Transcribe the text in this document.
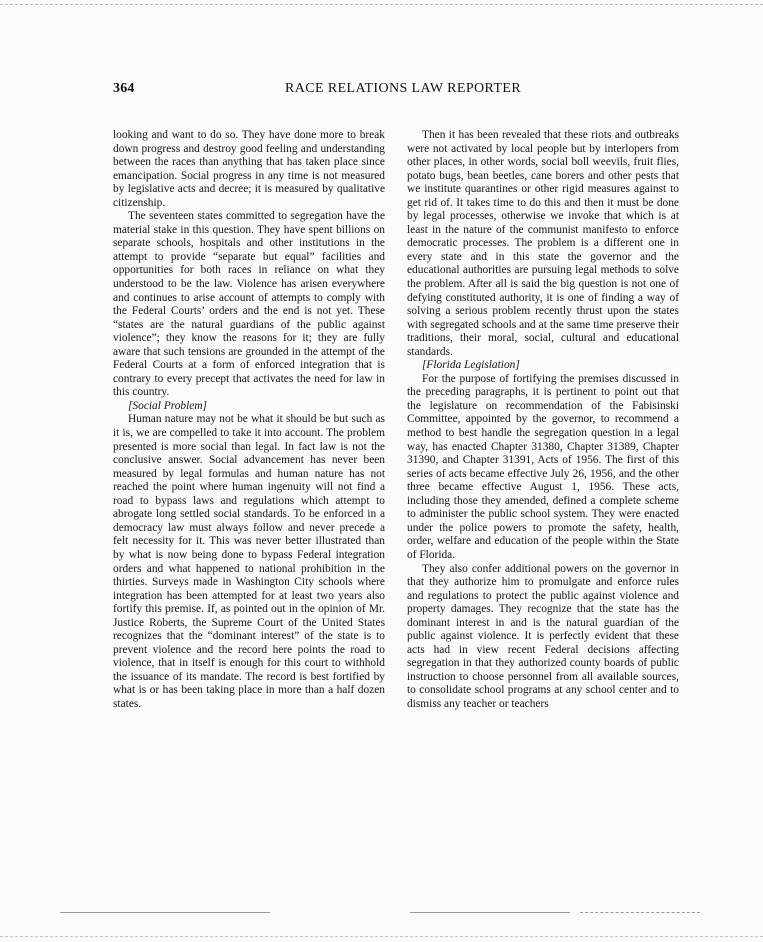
364	RACE RELATIONS LAW REPORTER

looking and want to do so. They have done more to break down progress and destroy good feeling and understanding between the races than anything that has taken place since emancipation. Social progress in any time is not measured by legislative acts and decree; it is measured by qualitative citizenship.

The seventeen states committed to segregation have the material stake in this question. They have spent billions on separate schools, hospitals and other institutions in the attempt to provide “separate but equal” facilities and opportunities for both races in reliance on what they understood to be the law. Violence has arisen everywhere and continues to arise account of attempts to comply with the Federal Courts’ orders and the end is not yet. These “states are the natural guardians of the public against violence”; they know the reasons for it; they are fully aware that such tensions are grounded in the attempt of the Federal Courts at a form of enforced integration that is contrary to every precept that activates the need for law in this country.

[Social Problem]

Human nature may not be what it should be but such as it is, we are compelled to take it into account. The problem presented is more social than legal. In fact law is not the conclusive answer. Social advancement has never been measured by legal formulas and human nature has not reached the point where human ingenuity will not find a road to bypass laws and regulations which attempt to abrogate long settled social standards. To be enforced in a democracy law must always follow and never precede a felt necessity for it. This was never better illustrated than by what is now being done to bypass Federal integration orders and what happened to national prohibition in the thirties. Surveys made in Washington City schools where integration has been attempted for at least two years also fortify this premise. If, as pointed out in the opinion of Mr. Justice Roberts, the Supreme Court of the United States recognizes that the “dominant interest” of the state is to prevent violence and the record here points the road to violence, that in itself is enough for this court to withhold the issuance of its mandate. The record is best fortified by what is or has been taking place in more than a half dozen states.

Then it has been revealed that these riots and outbreaks were not activated by local people but by interlopers from other places, in other words, social boll weevils, fruit flies, potato bugs, bean beetles, cane borers and other pests that we institute quarantines or other rigid measures against to get rid of. It takes time to do this and then it must be done by legal processes, otherwise we invoke that which is at least in the nature of the communist manifesto to enforce democratic processes. The problem is a different one in every state and in this state the governor and the educational authorities are pursuing legal methods to solve the problem. After all is said the big question is not one of defying constituted authority, it is one of finding a way of solving a serious problem recently thrust upon the states with segregated schools and at the same time preserve their traditions, their moral, social, cultural and educational standards.

[Florida Legislation]

For the purpose of fortifying the premises discussed in the preceding paragraphs, it is pertinent to point out that the legislature on recommendation of the Fabisinski Committee, appointed by the governor, to recommend a method to best handle the segregation question in a legal way, has enacted Chapter 31380, Chapter 31389, Chapter 31390, and Chapter 31391, Acts of 1956. The first of this series of acts became effective July 26, 1956, and the other three became effective August 1, 1956. These acts, including those they amended, defined a complete scheme to administer the public school system. They were enacted under the police powers to promote the safety, health, order, welfare and education of the people within the State of Florida.

They also confer additional powers on the governor in that they authorize him to promulgate and enforce rules and regulations to protect the public against violence and property damages. They recognize that the state has the dominant interest in and is the natural guardian of the public against violence. It is perfectly evident that these acts had in view recent Federal decisions affecting segregation in that they authorized county boards of public instruction to choose personnel from all available sources, to consolidate school programs at any school center and to dismiss any teacher or teachers
